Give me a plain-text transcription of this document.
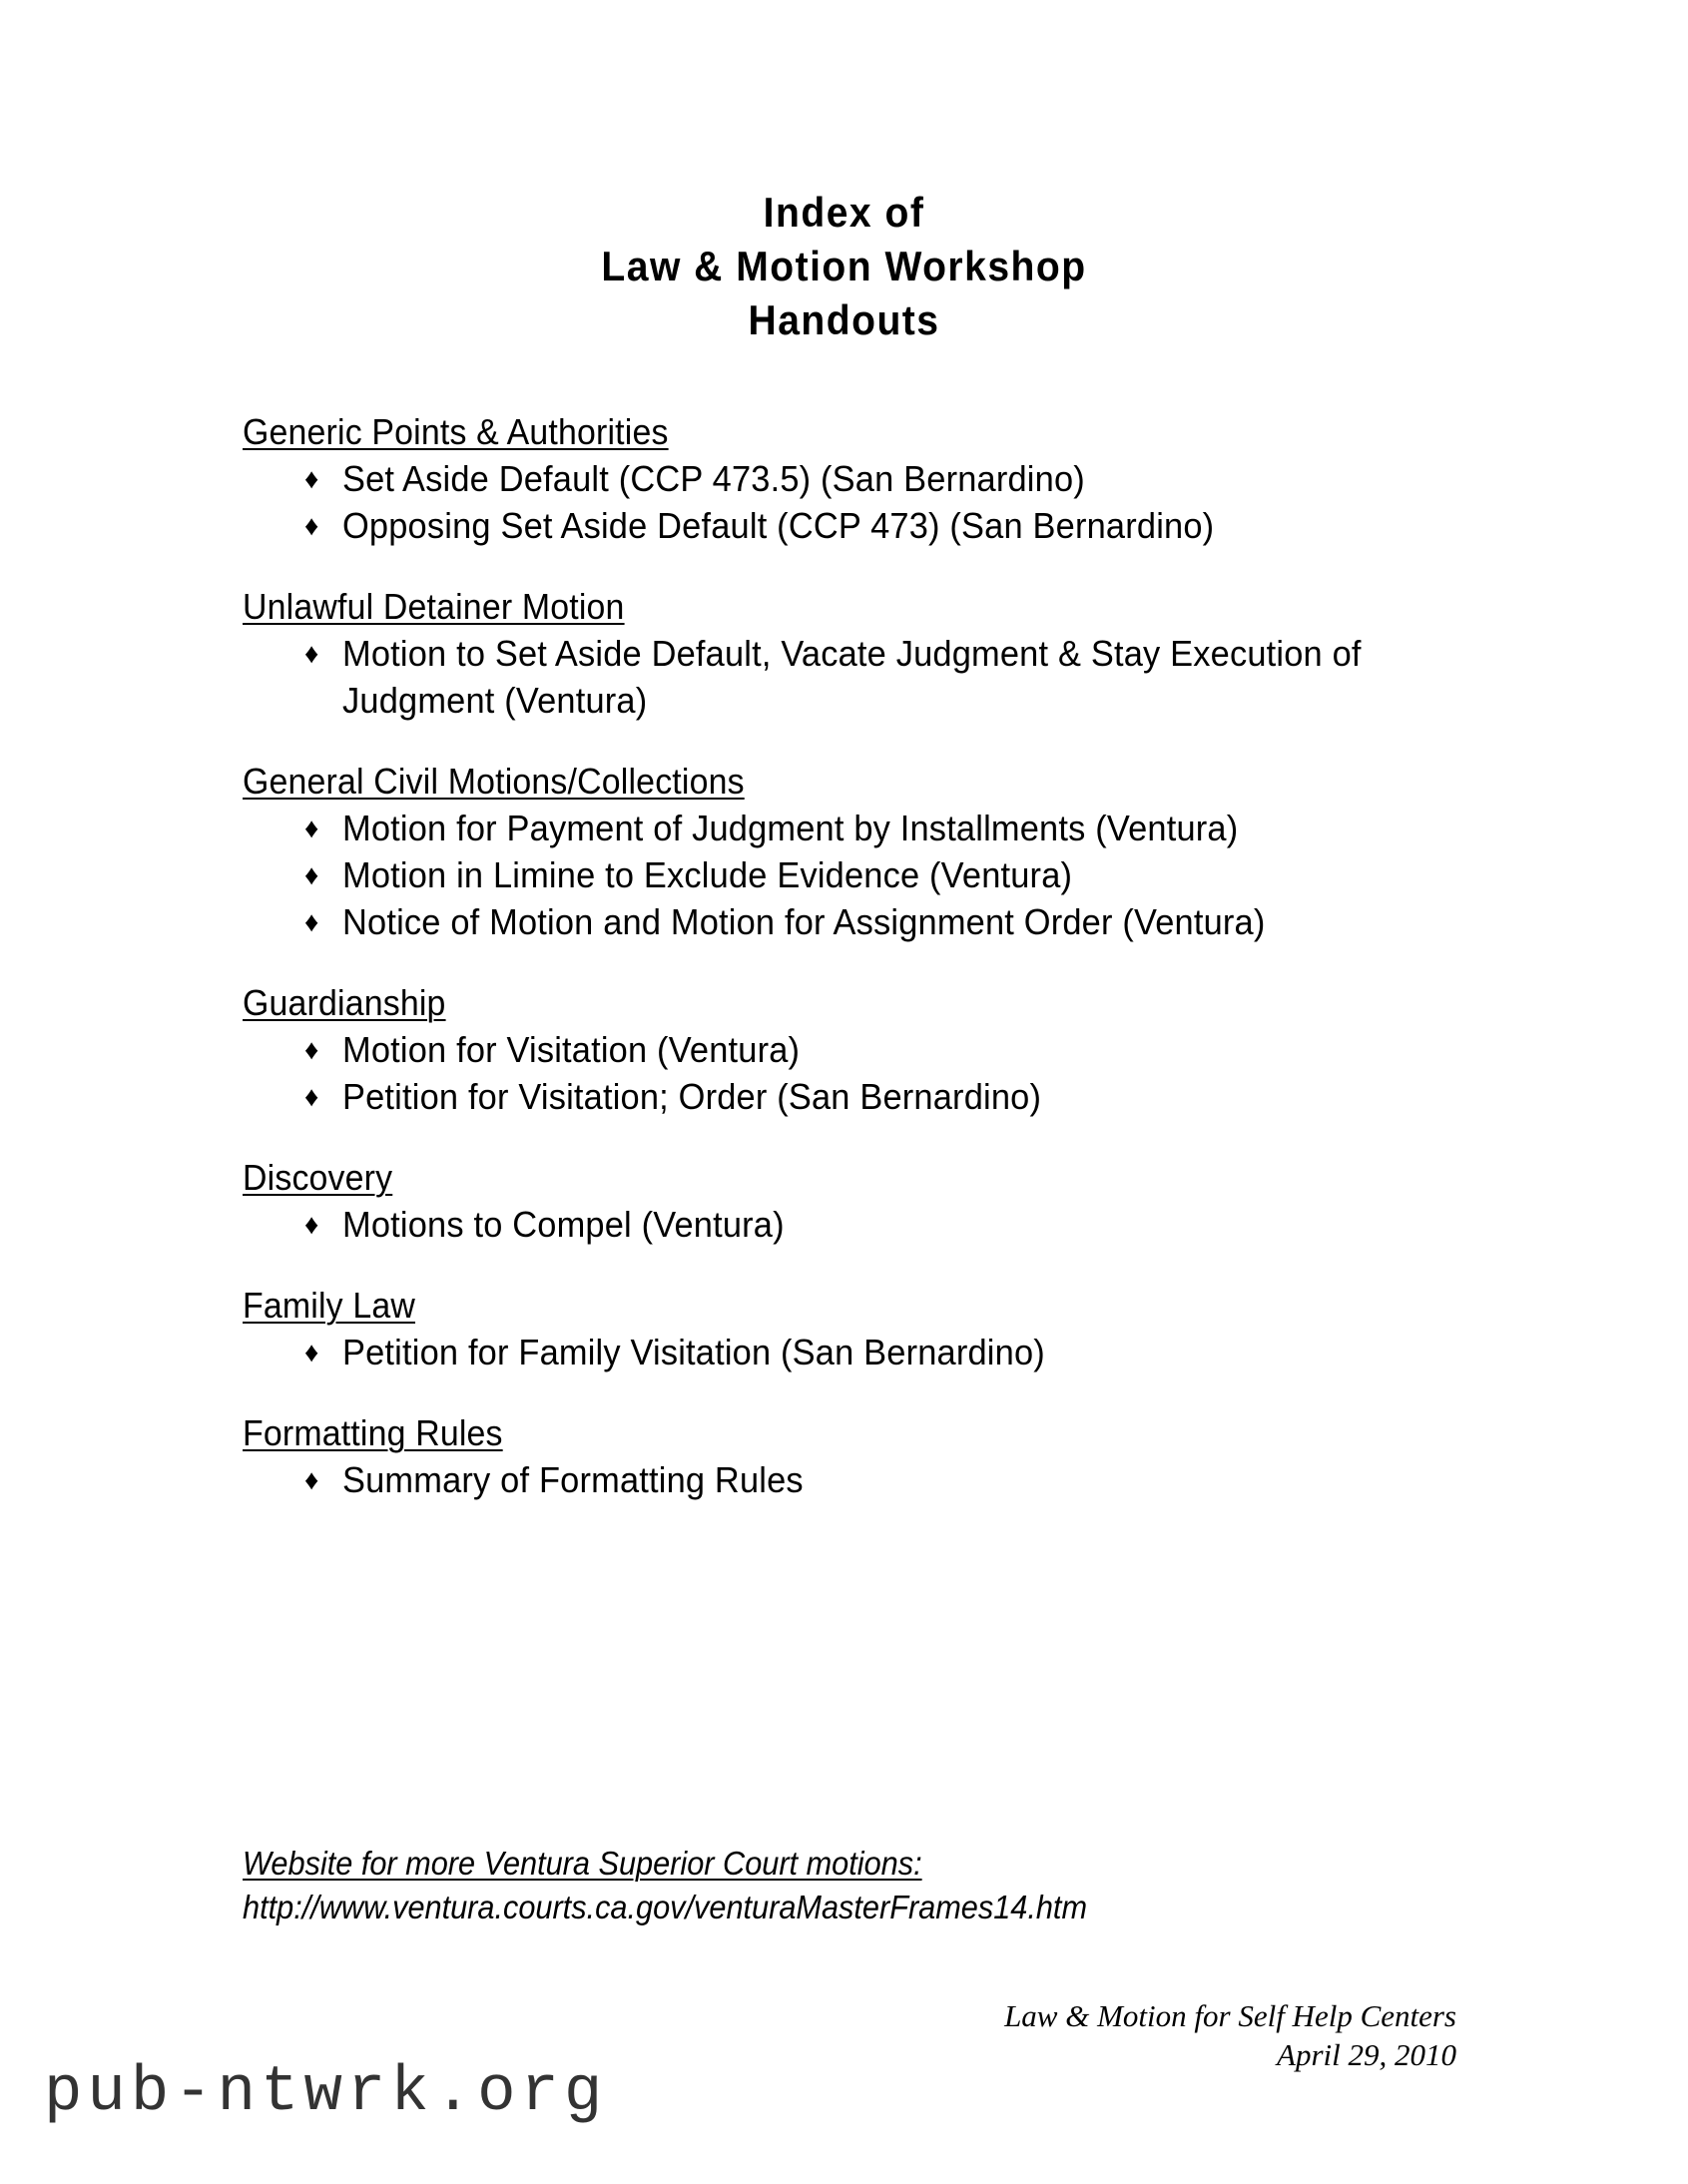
Index of
Law & Motion Workshop
Handouts
Generic Points & Authorities
♦ Set Aside Default (CCP 473.5) (San Bernardino)
♦ Opposing Set Aside Default (CCP 473) (San Bernardino)
Unlawful Detainer Motion
♦ Motion to Set Aside Default, Vacate Judgment & Stay Execution of Judgment (Ventura)
General Civil Motions/Collections
♦ Motion for Payment of Judgment by Installments (Ventura)
♦ Motion in Limine to Exclude Evidence (Ventura)
♦ Notice of Motion and Motion for Assignment Order (Ventura)
Guardianship
♦ Motion for Visitation (Ventura)
♦ Petition for Visitation; Order (San Bernardino)
Discovery
♦ Motions to Compel (Ventura)
Family Law
♦ Petition for Family Visitation (San Bernardino)
Formatting Rules
♦ Summary of Formatting Rules
Website for more Ventura Superior Court motions:
http://www.ventura.courts.ca.gov/venturaMasterFrames14.htm
Law & Motion for Self Help Centers
April 29, 2010
pub-ntwrk.org
